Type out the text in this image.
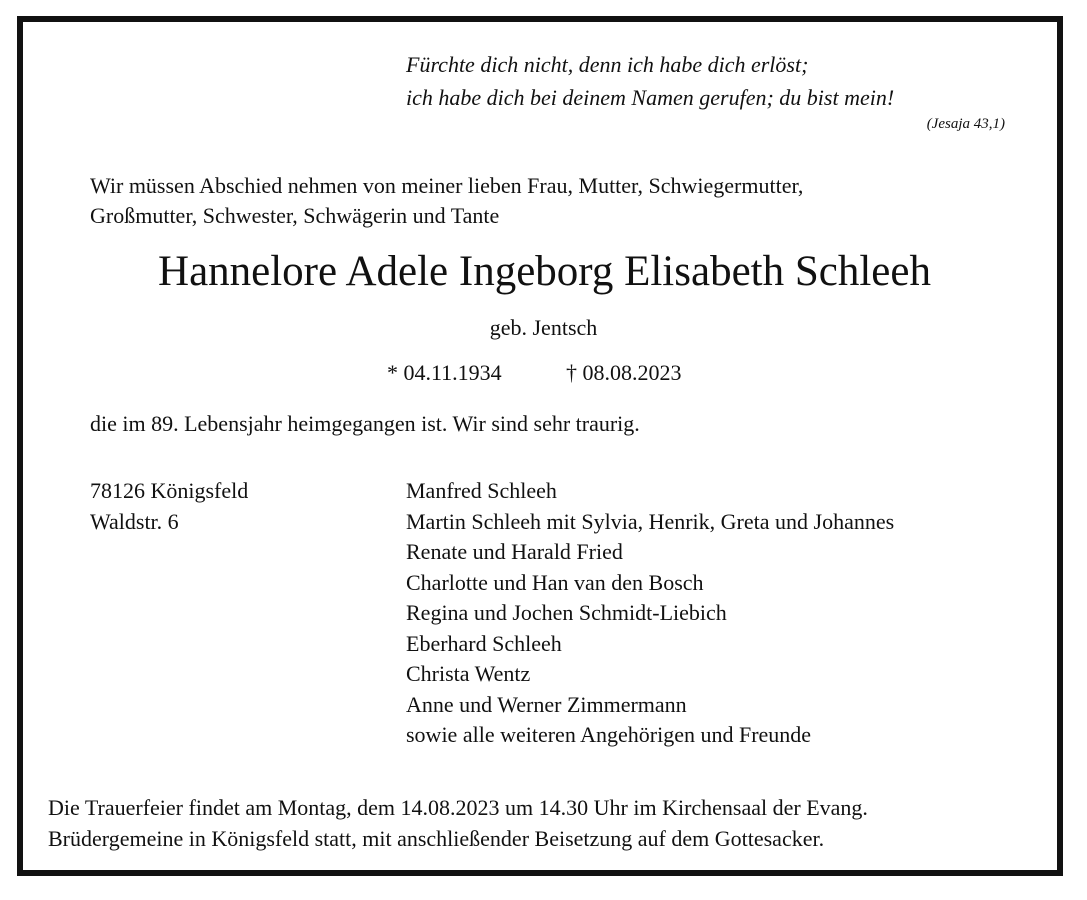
Fürchte dich nicht, denn ich habe dich erlöst;
ich habe dich bei deinem Namen gerufen; du bist mein!
(Jesaja 43,1)
Wir müssen Abschied nehmen von meiner lieben Frau, Mutter, Schwiegermutter,
Großmutter, Schwester, Schwägerin und Tante
Hannelore Adele Ingeborg Elisabeth Schleeh
geb. Jentsch
* 04.11.1934	† 08.08.2023
die im 89. Lebensjahr heimgegangen ist. Wir sind sehr traurig.
78126 Königsfeld
Waldstr. 6
Manfred Schleeh
Martin Schleeh mit Sylvia, Henrik, Greta und Johannes
Renate und Harald Fried
Charlotte und Han van den Bosch
Regina und Jochen Schmidt-Liebich
Eberhard Schleeh
Christa Wentz
Anne und Werner Zimmermann
sowie alle weiteren Angehörigen und Freunde
Die Trauerfeier findet am Montag, dem 14.08.2023 um 14.30 Uhr im Kirchensaal der Evang.
Brüdergemeine in Königsfeld statt, mit anschließender Beisetzung auf dem Gottesacker.
